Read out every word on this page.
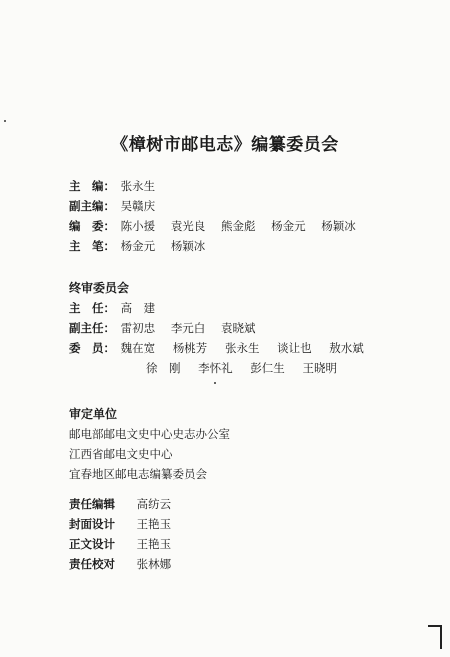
《樟树市邮电志》编纂委员会
主　编： 张永生
副主编： 吴赣庆
编　委： 陈小援 袁光良 熊金彪 杨金元 杨颖冰
主　笔： 杨金元 杨颖冰
终审委员会
主　任： 高　建
副主任： 雷初忠 李元白 袁晓斌
委　员： 魏在宽 杨桃芳 张永生 谈让也 敖水斌
徐　刚 李怀礼 彭仁生 王晓明
审定单位
邮电部邮电文史中心史志办公室
江西省邮电文史中心
宜春地区邮电志编纂委员会
责任编辑 高纺云
封面设计 王艳玉
正文设计 王艳玉
责任校对 张林娜
